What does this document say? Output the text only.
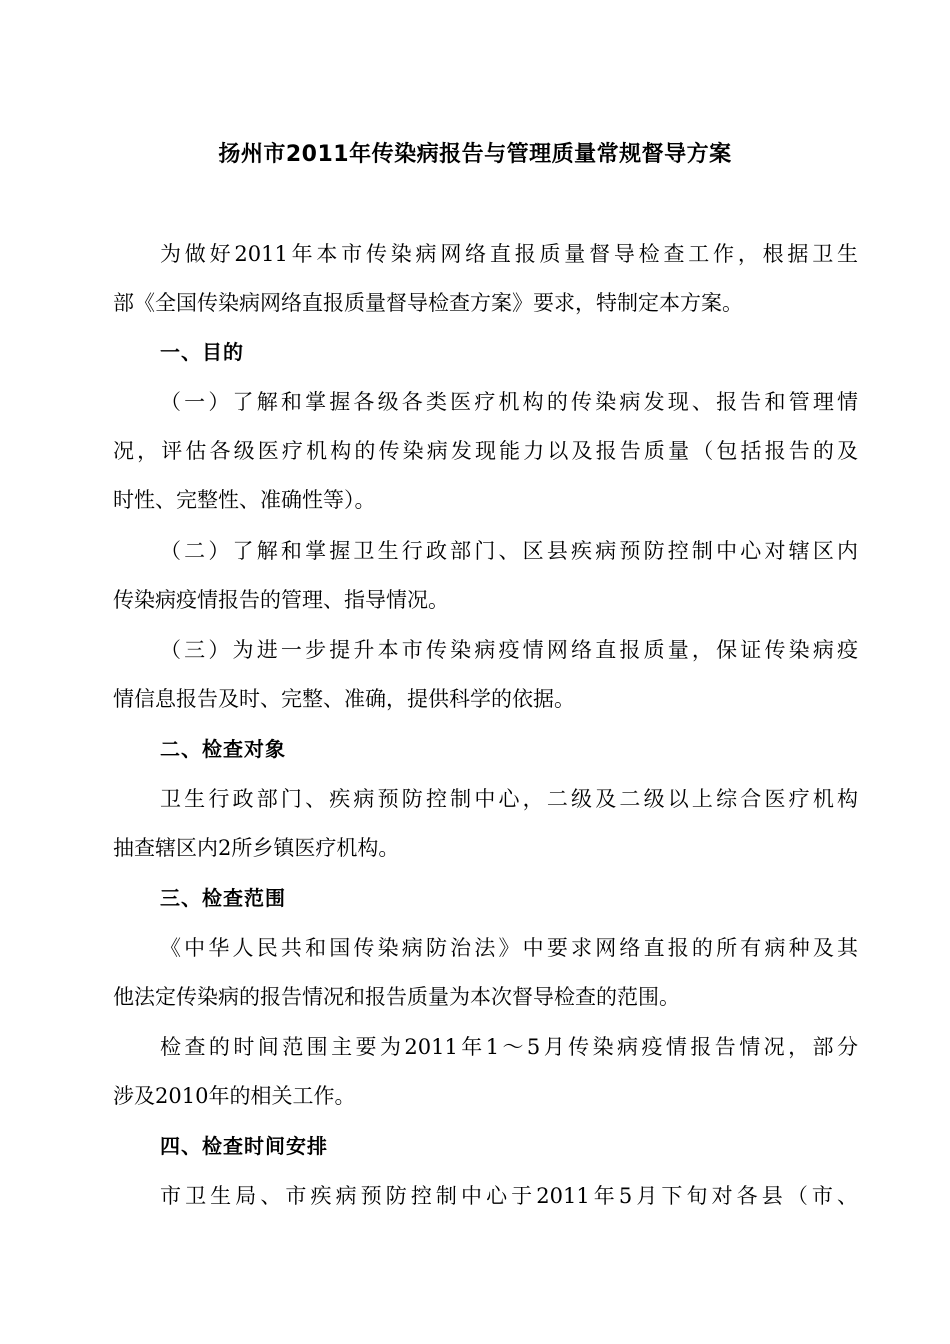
扬州市2011年传染病报告与管理质量常规督导方案
为做好2011年本市传染病网络直报质量督导检查工作，根据卫生
部《全国传染病网络直报质量督导检查方案》要求，特制定本方案。
一、目的
（一）了解和掌握各级各类医疗机构的传染病发现、报告和管理情
况，评估各级医疗机构的传染病发现能力以及报告质量（包括报告的及
时性、完整性、准确性等）。
（二）了解和掌握卫生行政部门、区县疾病预防控制中心对辖区内
传染病疫情报告的管理、指导情况。
（三）为进一步提升本市传染病疫情网络直报质量，保证传染病疫
情信息报告及时、完整、准确，提供科学的依据。
二、检查对象
卫生行政部门、疾病预防控制中心，二级及二级以上综合医疗机构
抽查辖区内2所乡镇医疗机构。
三、检查范围
《中华人民共和国传染病防治法》中要求网络直报的所有病种及其
他法定传染病的报告情况和报告质量为本次督导检查的范围。
检查的时间范围主要为2011年1～5月传染病疫情报告情况，部分
涉及2010年的相关工作。
四、检查时间安排
市卫生局、市疾病预防控制中心于2011年5月下旬对各县（市、
